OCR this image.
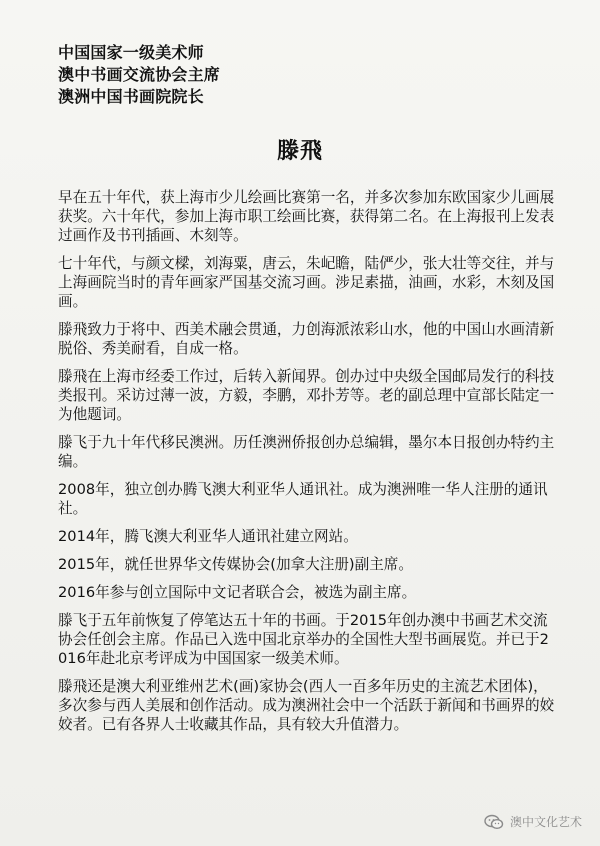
中国国家一级美术师
澳中书画交流协会主席
澳洲中国书画院院长
滕飛

早在五十年代，获上海市少儿绘画比赛第一名，并多次参加东欧国家少儿画展获奖。六十年代，参加上海市职工绘画比赛，获得第二名。在上海报刊上发表过画作及书刊插画、木刻等。

七十年代，与颜文樑，刘海粟，唐云，朱屺瞻，陆俨少，张大壮等交往，并与上海画院当时的青年画家严国基交流习画。涉足素描，油画，水彩，木刻及国画。

滕飛致力于将中、西美术融会贯通，力创海派浓彩山水，他的中国山水画清新脱俗、秀美耐看，自成一格。

滕飛在上海市经委工作过，后转入新闻界。创办过中央级全国邮局发行的科技类报刊。采访过薄一波，方毅，李鹏，邓扑芳等。老的副总理中宣部长陆定一为他题词。

滕飞于九十年代移民澳洲。历任澳洲侨报创办总编辑，墨尔本日报创办特约主编。

2008年，独立创办腾飞澳大利亚华人通讯社。成为澳洲唯一华人注册的通讯社。

2014年，腾飞澳大利亚华人通讯社建立网站。

2015年，就任世界华文传媒协会(加拿大注册)副主席。

2016年参与创立国际中文记者联合会，被选为副主席。

滕飞于五年前恢复了停笔达五十年的书画。于2015年创办澳中书画艺术交流协会任创会主席。作品已入选中国北京举办的全国性大型书画展览。并已于2016年赴北京考评成为中国国家一级美术师。

滕飛还是澳大利亚维州艺术(画)家协会(西人一百多年历史的主流艺术团体)，多次参与西人美展和创作活动。成为澳洲社会中一个活跃于新闻和书画界的姣姣者。已有各界人士收藏其作品，具有较大升值潜力。

澳中文化艺术
